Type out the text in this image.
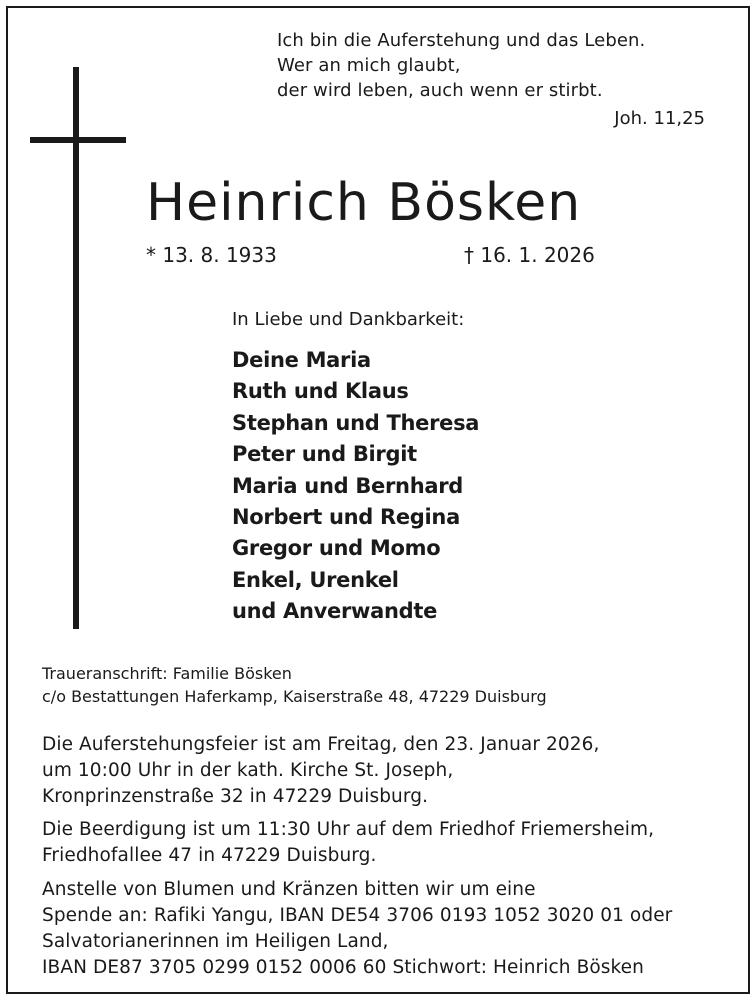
Ich bin die Auferstehung und das Leben.
Wer an mich glaubt,
der wird leben, auch wenn er stirbt.
Joh. 11,25
Heinrich Bösken
* 13. 8. 1933	† 16. 1. 2026
In Liebe und Dankbarkeit:
Deine Maria
Ruth und Klaus
Stephan und Theresa
Peter und Birgit
Maria und Bernhard
Norbert und Regina
Gregor und Momo
Enkel, Urenkel
und Anverwandte
Traueranschrift: Familie Bösken
c/o Bestattungen Haferkamp, Kaiserstraße 48, 47229 Duisburg
Die Auferstehungsfeier ist am Freitag, den 23. Januar 2026,
um 10:00 Uhr in der kath. Kirche St. Joseph,
Kronprinzenstraße 32 in 47229 Duisburg.
Die Beerdigung ist um 11:30 Uhr auf dem Friedhof Friemersheim,
Friedhofallee 47 in 47229 Duisburg.
Anstelle von Blumen und Kränzen bitten wir um eine
Spende an: Rafiki Yangu, IBAN DE54 3706 0193 1052 3020 01 oder
Salvatorianerinnen im Heiligen Land,
IBAN DE87 3705 0299 0152 0006 60 Stichwort: Heinrich Bösken
